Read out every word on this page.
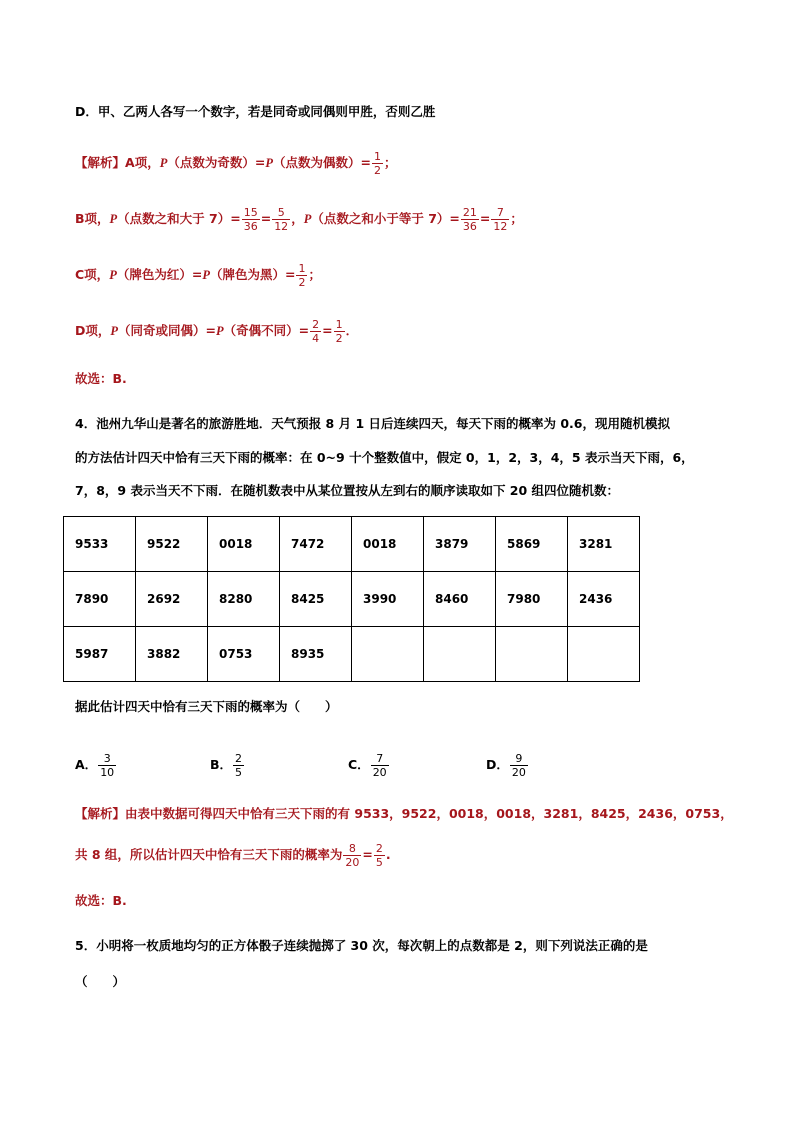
D．甲、乙两人各写一个数字，若是同奇或同偶则甲胜，否则乙胜
【解析】A项，P（点数为奇数）=P（点数为偶数）= $\frac{1}{2}$ ；
B项，P（点数之和大于 $7)= \frac{15}{36} = \frac{5}{12}$ ，P（点数之和小于等于 $7)= \frac{21}{36} = \frac{7}{12}$ ；
C项，P（牌色为红）=P（牌色为黑）= $\frac{1}{2}$ ；
D项，P（同奇或同偶）=P（奇偶不同）= $\frac{2}{4} = \frac{1}{2}$ ．
故选：B.
4．池州九华山是著名的旅游胜地．天气预报 8 月 1 日后连续四天，每天下雨的概率为 0.6，现用随机模拟
的方法估计四天中恰有三天下雨的概率：在 0~9 十个整数值中，假定 0，1，2，3，4，5 表示当天下雨，6，
7，8，9 表示当天不下雨．在随机数表中从某位置按从左到右的顺序读取如下 20 组四位随机数：
9533	9522	0018	7472	0018	3879	5869	3281
7890	2692	8280	8425	3990	8460	7980	2436
5987	3882	0753	8935				
据此估计四天中恰有三天下雨的概率为（　　）
A． $\frac{3}{10}$	B． $\frac{2}{5}$	C． $\frac{7}{20}$	D． $\frac{9}{20}$
【解析】由表中数据可得四天中恰有三天下雨的有 9533，9522，0018，0018，3281，8425，2436，0753，
共 8 组，所以估计四天中恰有三天下雨的概率为 $\frac{8}{20} = \frac{2}{5}$ .
故选：B.
5．小明将一枚质地均匀的正方体骰子连续抛掷了 30 次，每次朝上的点数都是 2，则下列说法正确的是
（　　）
